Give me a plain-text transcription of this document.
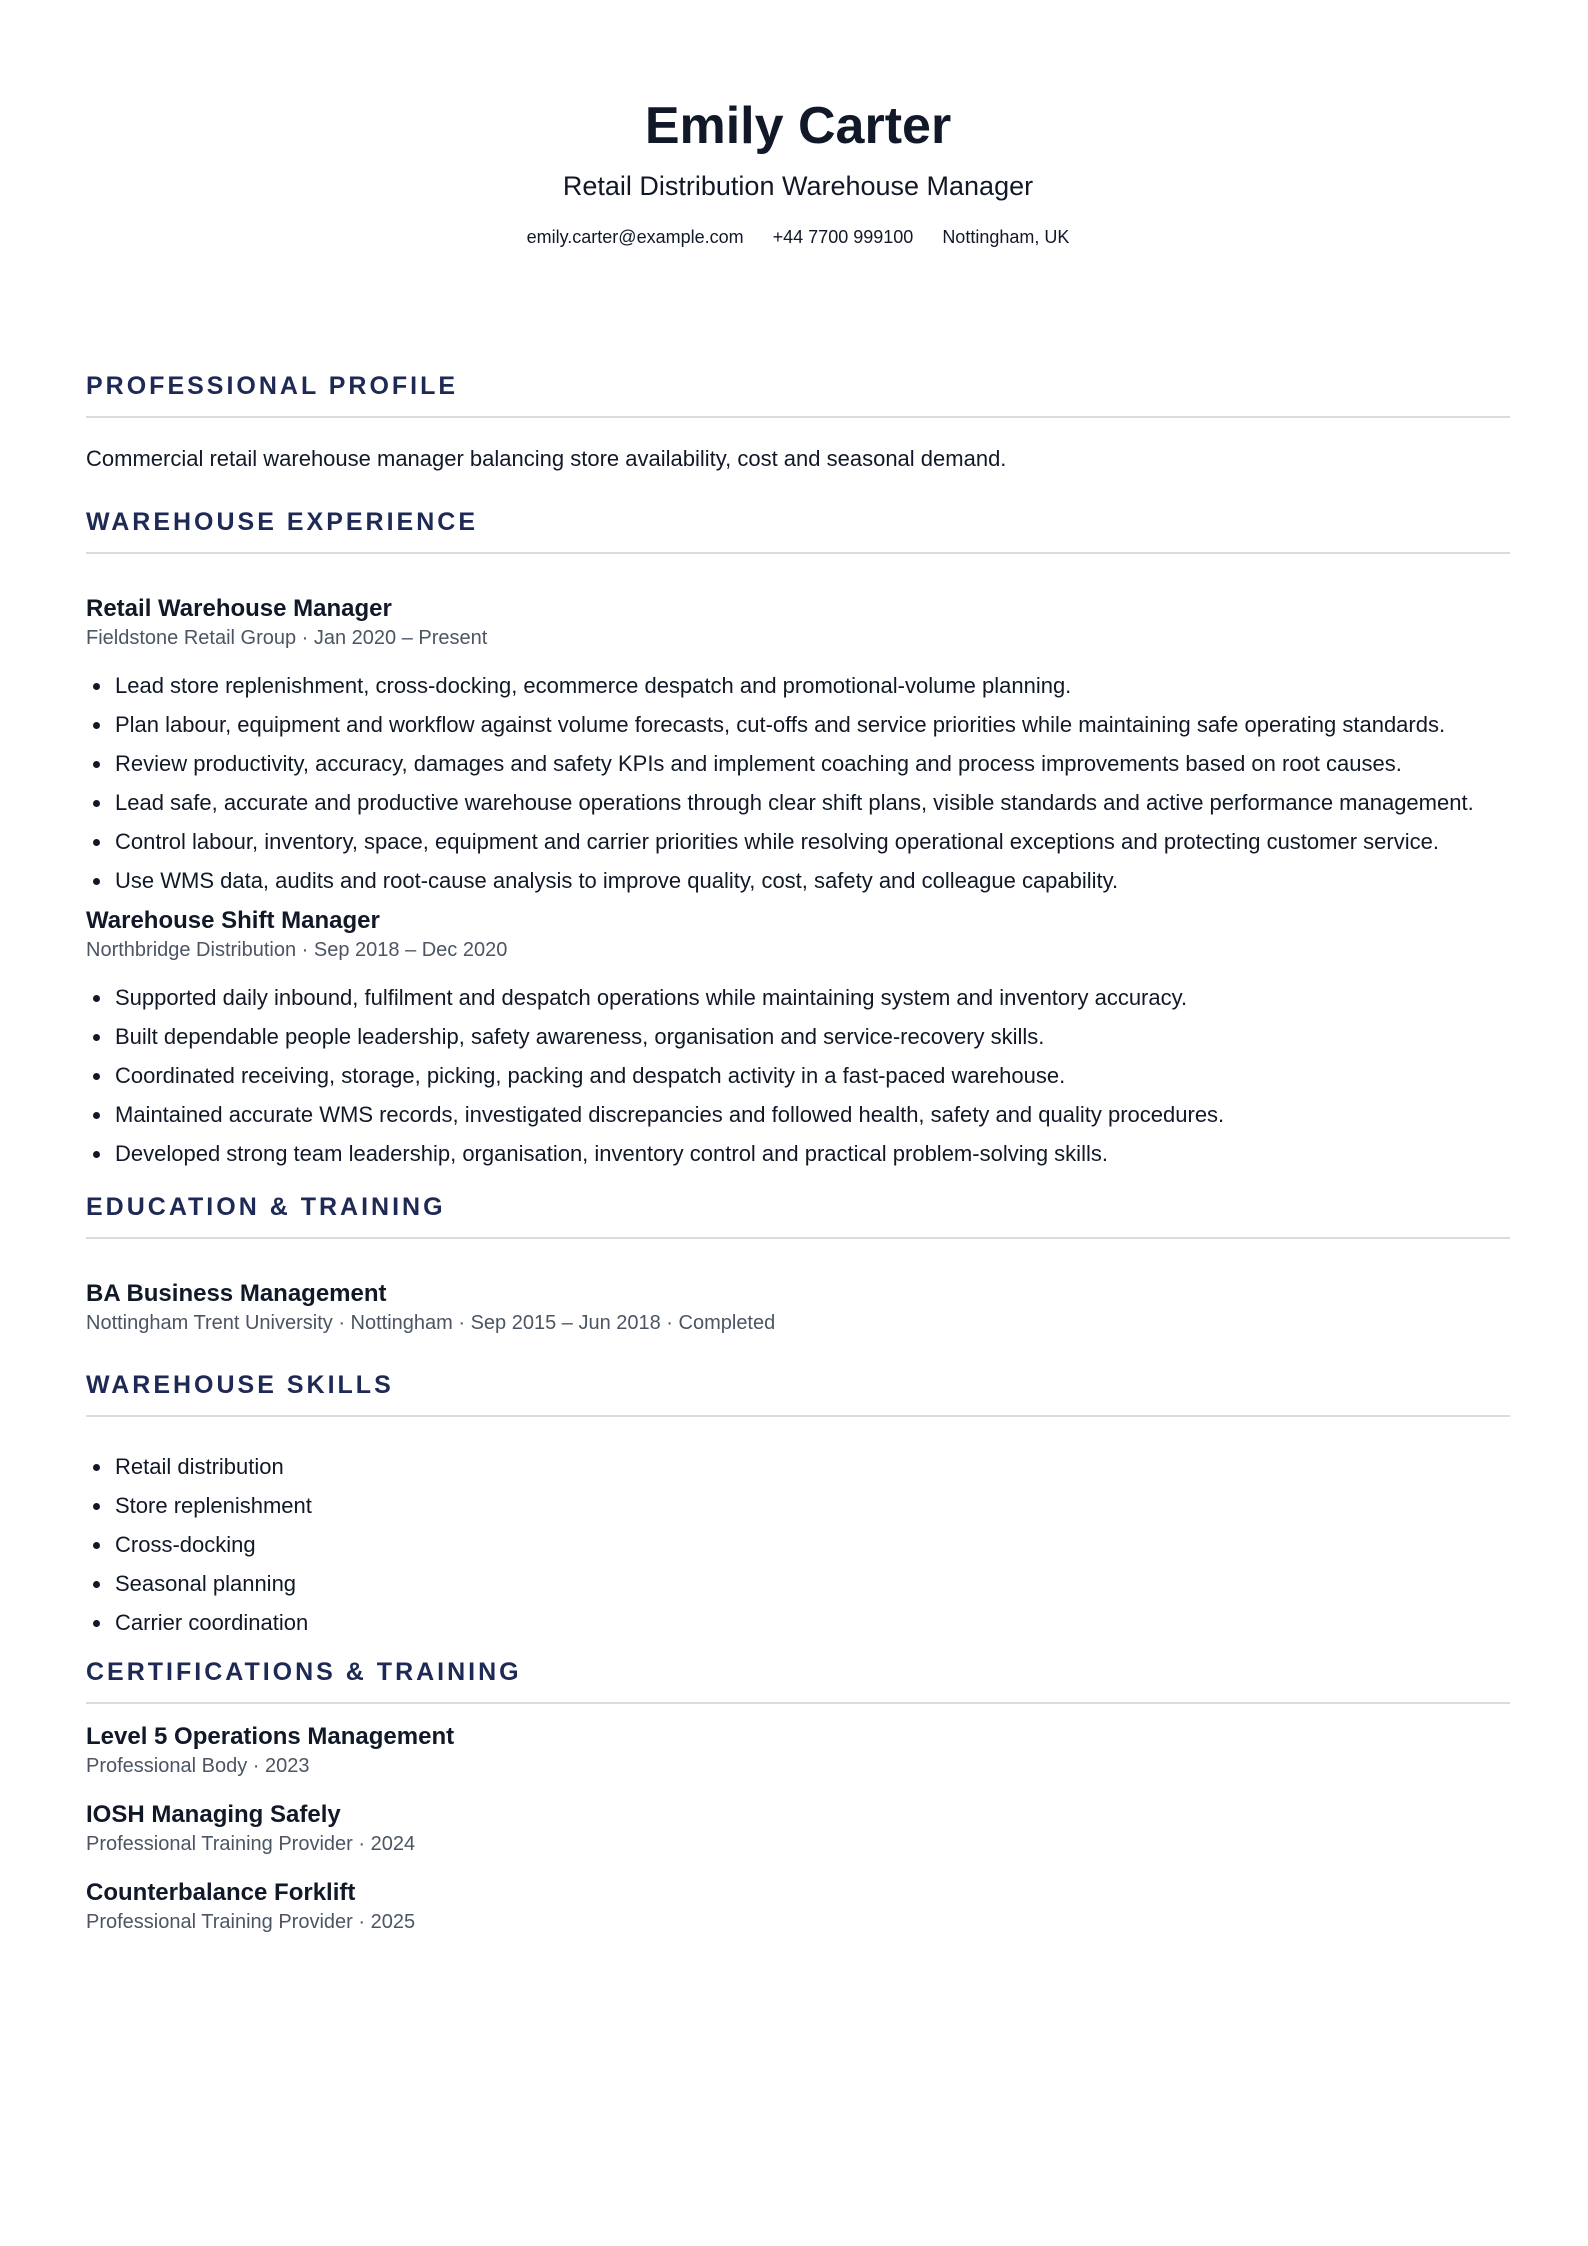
Emily Carter
Retail Distribution Warehouse Manager
emily.carter@example.com +44 7700 999100 Nottingham, UK
PROFESSIONAL PROFILE
Commercial retail warehouse manager balancing store availability, cost and seasonal demand.
WAREHOUSE EXPERIENCE
Retail Warehouse Manager
Fieldstone Retail Group · Jan 2020 – Present
Lead store replenishment, cross-docking, ecommerce despatch and promotional-volume planning.
Plan labour, equipment and workflow against volume forecasts, cut-offs and service priorities while maintaining safe operating standards.
Review productivity, accuracy, damages and safety KPIs and implement coaching and process improvements based on root causes.
Lead safe, accurate and productive warehouse operations through clear shift plans, visible standards and active performance management.
Control labour, inventory, space, equipment and carrier priorities while resolving operational exceptions and protecting customer service.
Use WMS data, audits and root-cause analysis to improve quality, cost, safety and colleague capability.
Warehouse Shift Manager
Northbridge Distribution · Sep 2018 – Dec 2020
Supported daily inbound, fulfilment and despatch operations while maintaining system and inventory accuracy.
Built dependable people leadership, safety awareness, organisation and service-recovery skills.
Coordinated receiving, storage, picking, packing and despatch activity in a fast-paced warehouse.
Maintained accurate WMS records, investigated discrepancies and followed health, safety and quality procedures.
Developed strong team leadership, organisation, inventory control and practical problem-solving skills.
EDUCATION & TRAINING
BA Business Management
Nottingham Trent University · Nottingham · Sep 2015 – Jun 2018 · Completed
WAREHOUSE SKILLS
Retail distribution
Store replenishment
Cross-docking
Seasonal planning
Carrier coordination
CERTIFICATIONS & TRAINING
Level 5 Operations Management
Professional Body · 2023
IOSH Managing Safely
Professional Training Provider · 2024
Counterbalance Forklift
Professional Training Provider · 2025
